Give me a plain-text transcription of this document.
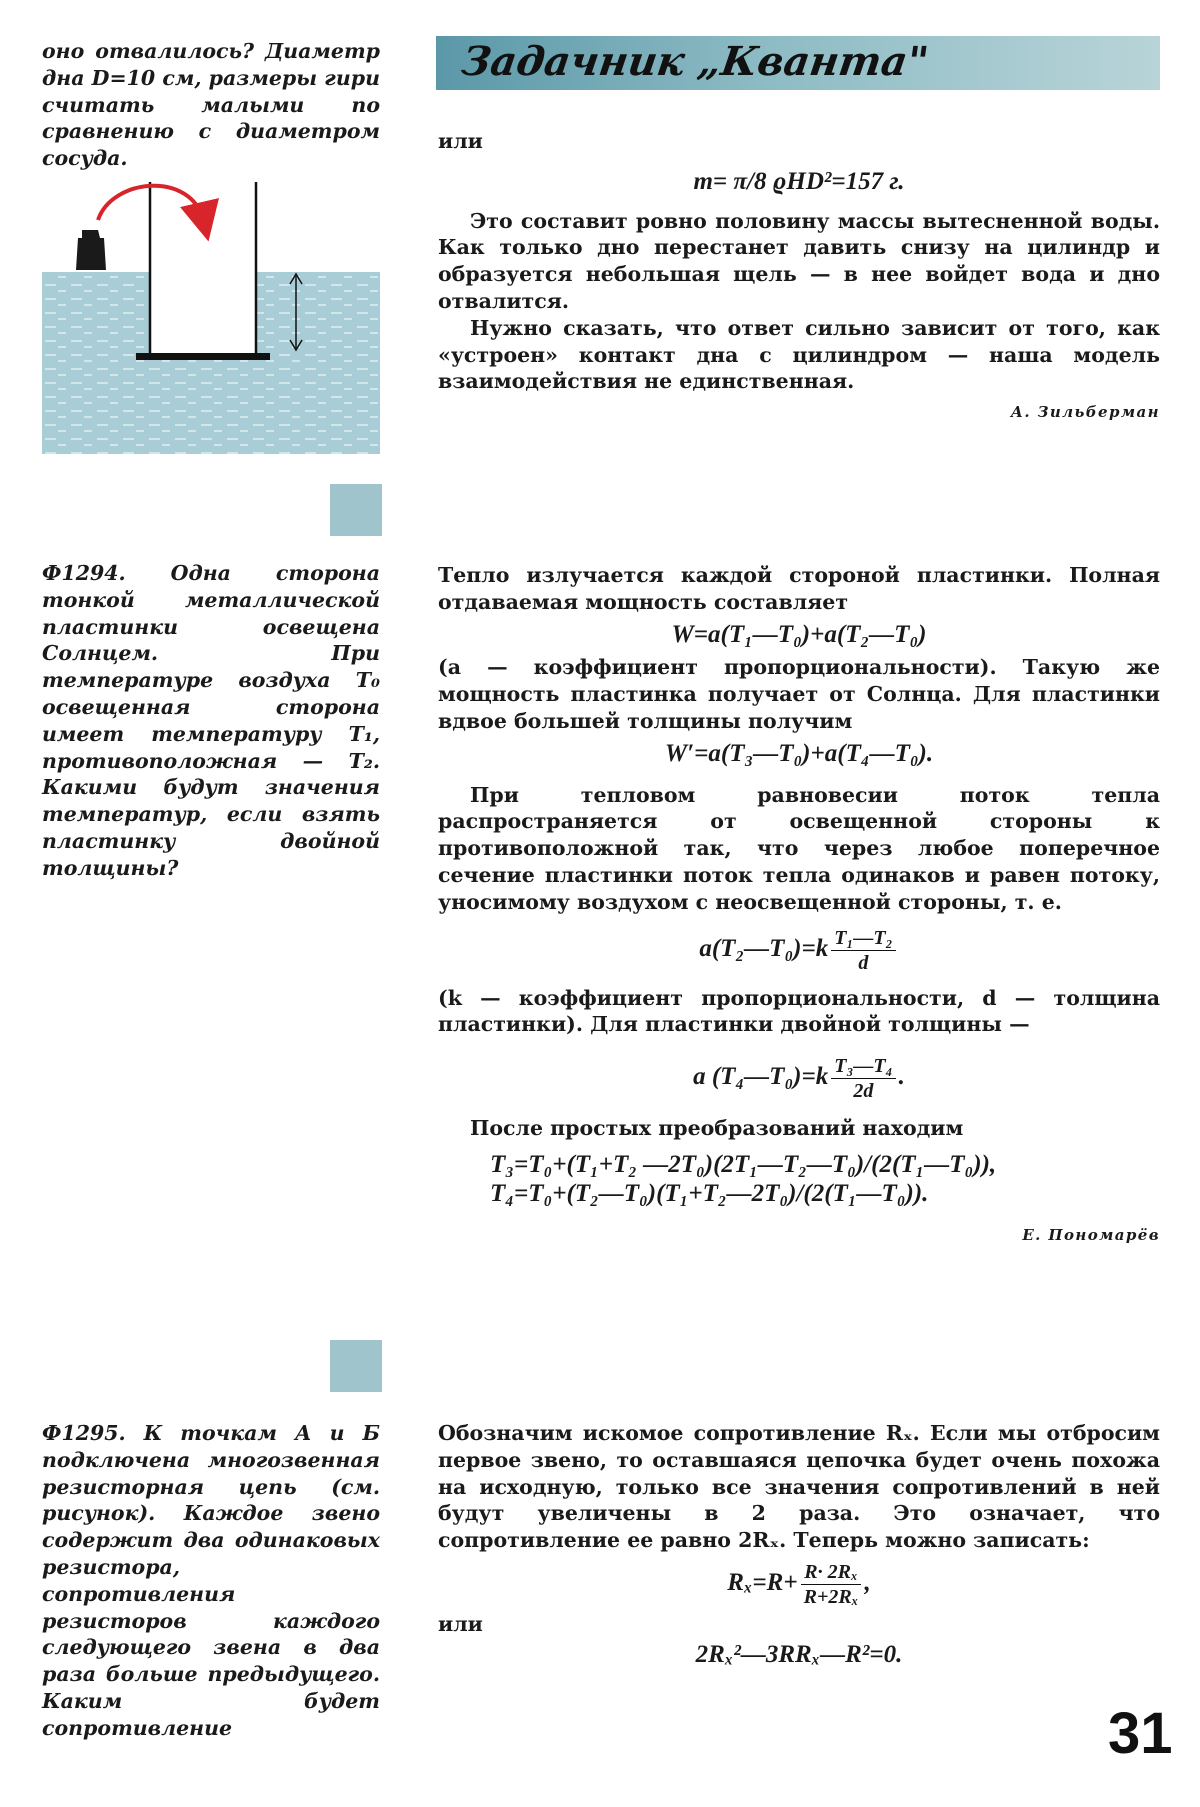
Задачник „Кванта"
оно отвалилось? Диаметр дна D=10 см, размеры гири считать малыми по сравнению с диаметром сосуда.

или

m= π/8 ϱHD²=157 г.

Это составит ровно половину массы вытесненной воды. Как только дно перестанет давить снизу на цилиндр и образуется небольшая щель — в нее войдет вода и дно отвалится.

Нужно сказать, что ответ сильно зависит от того, как «устроен» контакт дна с цилиндром — наша модель взаимодействия не единственная.

А. Зильберман
Ф1294. Одна сторона тонкой металлической пластинки освещена Солнцем. При температуре воздуха T₀ освещенная сторона имеет температуру T₁, противоположная — T₂. Какими будут значения температур, если взять пластинку двойной толщины?

Тепло излучается каждой стороной пластинки. Полная отдаваемая мощность составляет

W=a(T₁—T₀)+a(T₂—T₀)

(a — коэффициент пропорциональности). Такую же мощность пластинка получает от Солнца. Для пластинки вдвое большей толщины получим

W′=a(T₃—T₀)+a(T₄—T₀).

При тепловом равновесии поток тепла распространяется от освещенной стороны к противоположной так, что через любое поперечное сечение пластинки поток тепла одинаков и равен потоку, уносимому воздухом с неосвещенной стороны, т. е.

a(T₂—T₀)=k $\frac{\text{T₁—T₂}}{d}$

(k — коэффициент пропорциональности, d — толщина пластинки). Для пластинки двойной толщины —

a (T₄—T₀)=k $\frac{\text{T₃—T₄}}{2d}$ .

После простых преобразований находим

T₃=T₀+(T₁+T₂ —2T₀)(2T₁—T₂—T₀)/(2(T₁—T₀)),
T₄=T₀+(T₂—T₀)(T₁+T₂—2T₀)/(2(T₁—T₀)).
Е. Пономарёв
Ф1295. К точкам А и Б подключена многозвенная резисторная цепь (см. рисунок). Каждое звено содержит два одинаковых резистора, сопротивления резисторов каждого следующего звена в два раза больше предыдущего. Каким будет сопротивление

Обозначим искомое сопротивление Rₓ. Если мы отбросим первое звено, то оставшаяся цепочка будет очень похожа на исходную, только все значения сопротивлений в ней будут увеличены в 2 раза. Это означает, что сопротивление ее равно 2Rₓ. Теперь можно записать:

$R_x=R+ \frac{\text{R· 2Rₓ}}{\text{R+2Rₓ}}$ ,

или

2Rₓ²—3RRₓ—R²=0.
31
